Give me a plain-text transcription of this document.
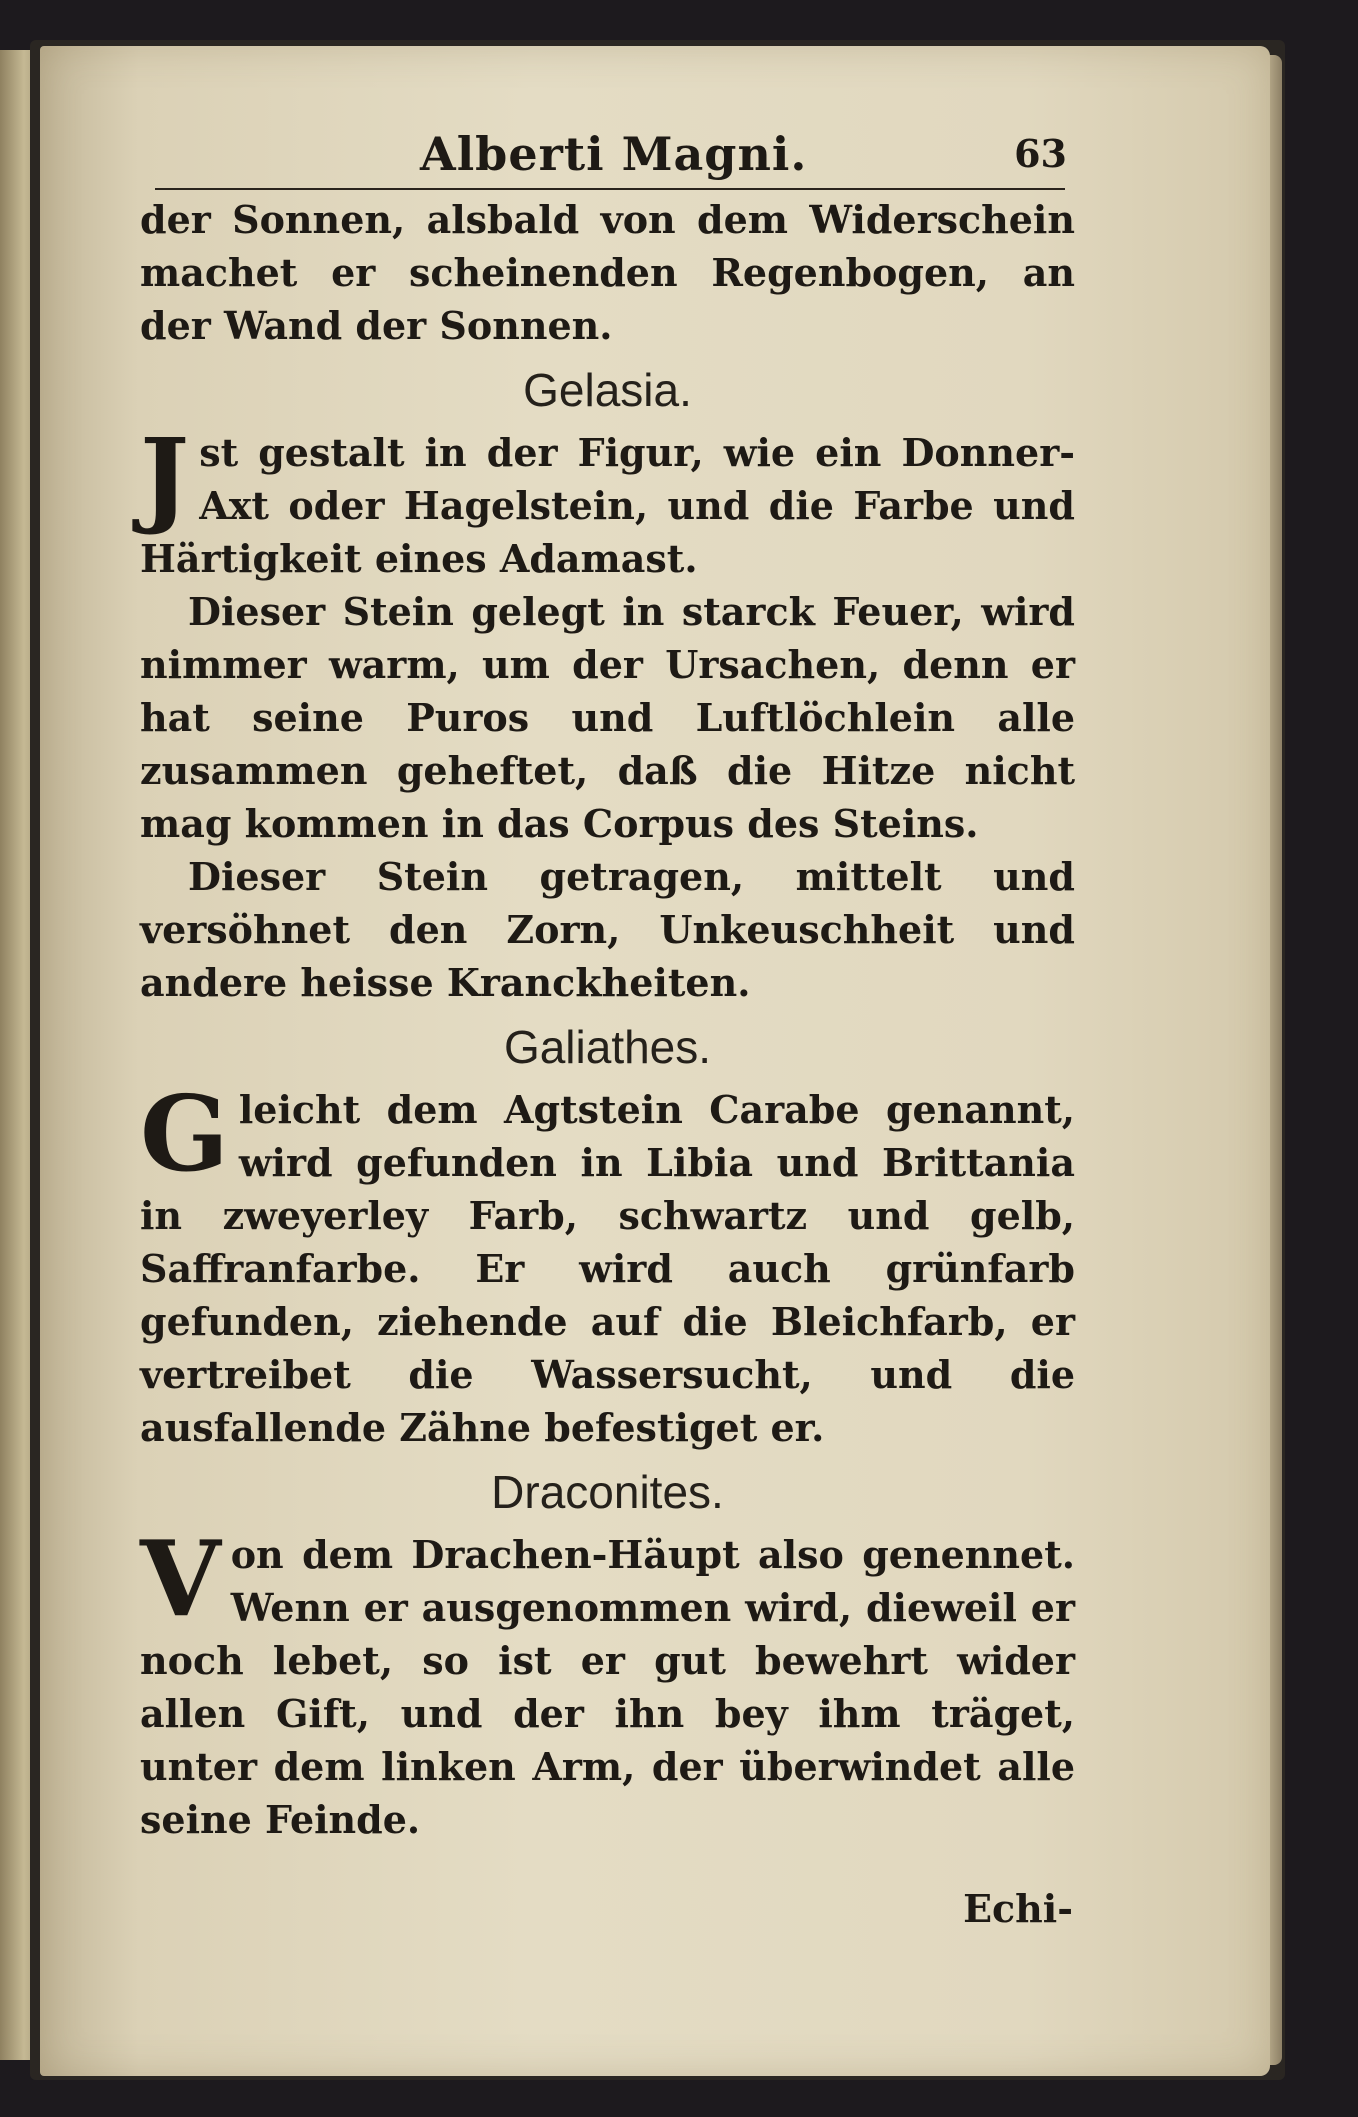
Alberti Magni.	63

der Sonnen, alsbald von dem Widerschein machet er scheinenden Regenbogen, an der Wand der Sonnen.

Gelasia.

Jst gestalt in der Figur, wie ein Donner-Axt oder Hagelstein, und die Farbe und Härtigkeit eines Adamast.

Dieser Stein gelegt in starck Feuer, wird nimmer warm, um der Ursachen, denn er hat seine Puros und Luftlöchlein alle zusammen geheftet, daß die Hitze nicht mag kommen in das Corpus des Steins.

Dieser Stein getragen, mittelt und versöhnet den Zorn, Unkeuschheit und andere heisse Kranckheiten.

Galiathes.

Gleicht dem Agtstein Carabe genannt, wird gefunden in Libia und Brittania in zweyerley Farb, schwartz und gelb, Saffranfarbe. Er wird auch grünfarb gefunden, ziehende auf die Bleichfarb, er vertreibet die Wassersucht, und die ausfallende Zähne befestiget er.

Draconites.

Von dem Drachen-Häupt also genennet. Wenn er ausgenommen wird, dieweil er noch lebet, so ist er gut bewehrt wider allen Gift, und der ihn bey ihm träget, unter dem linken Arm, der überwindet alle seine Feinde.

Echi-
